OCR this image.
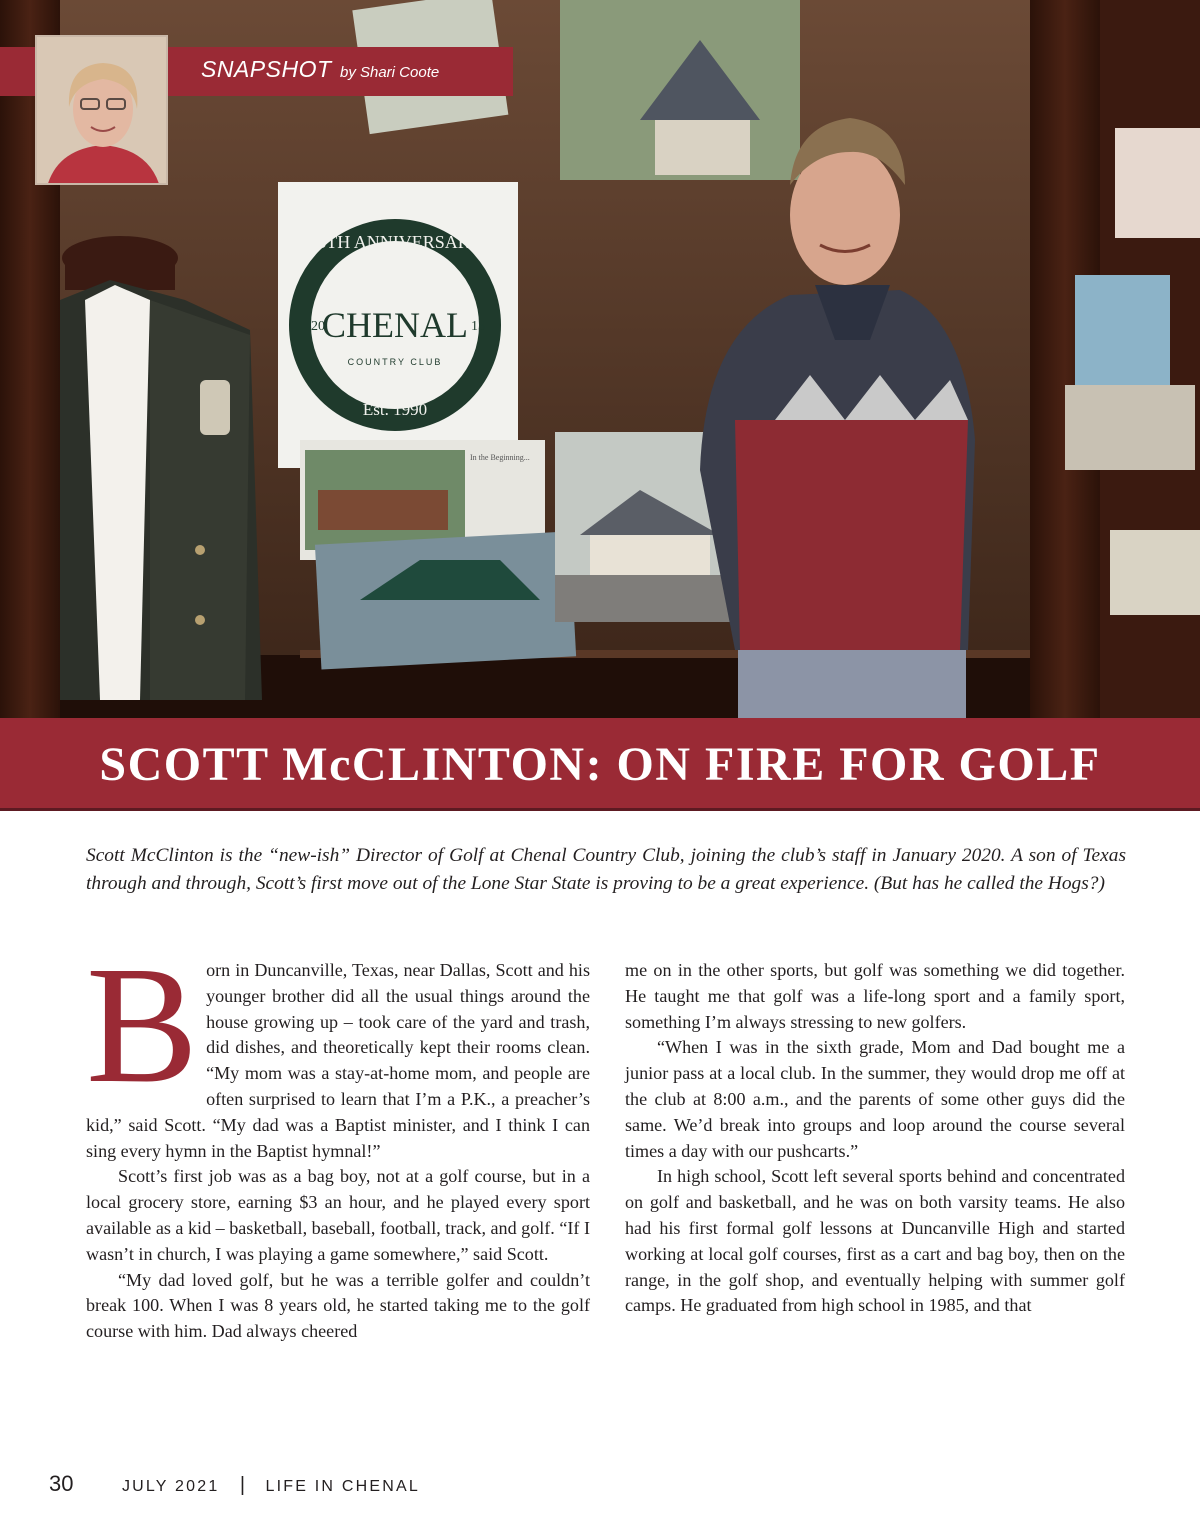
25TH ANNIVERSARY
CHENAL
COUNTRY CLUB
20	15
Est. 1990
In the Beginning...
SNAPSHOT by Shari Coote
SCOTT McCLINTON: ON FIRE FOR GOLF
Scott McClinton is the “new-ish” Director of Golf at Chenal Country Club, joining the club’s staff in January 2020. A son of Texas through and through, Scott’s first move out of the Lone Star State is proving to be a great experience. (But has he called the Hogs?)

Born in Duncanville, Texas, near Dallas, Scott and his younger brother did all the usual things around the house growing up – took care of the yard and trash, did dishes, and theoretically kept their rooms clean. “My mom was a stay-at-home mom, and people are often surprised to learn that I’m a P.K., a preacher’s kid,” said Scott. “My dad was a Baptist minister, and I think I can sing every hymn in the Baptist hymnal!”

Scott’s first job was as a bag boy, not at a golf course, but in a local grocery store, earning $3 an hour, and he played every sport available as a kid – basketball, baseball, football, track, and golf. “If I wasn’t in church, I was playing a game somewhere,” said Scott.

“My dad loved golf, but he was a terrible golfer and couldn’t break 100. When I was 8 years old, he started taking me to the golf course with him. Dad always cheered

me on in the other sports, but golf was something we did together. He taught me that golf was a life-long sport and a family sport, something I’m always stressing to new golfers.

“When I was in the sixth grade, Mom and Dad bought me a junior pass at a local club. In the summer, they would drop me off at the club at 8:00 a.m., and the parents of some other guys did the same. We’d break into groups and loop around the course several times a day with our pushcarts.”

In high school, Scott left several sports behind and concentrated on golf and basketball, and he was on both varsity teams. He also had his first formal golf lessons at Duncanville High and started working at local golf courses, first as a cart and bag boy, then on the range, in the golf shop, and eventually helping with summer golf camps. He graduated from high school in 1985, and that

30	JULY 2021 | LIFE IN CHENAL
